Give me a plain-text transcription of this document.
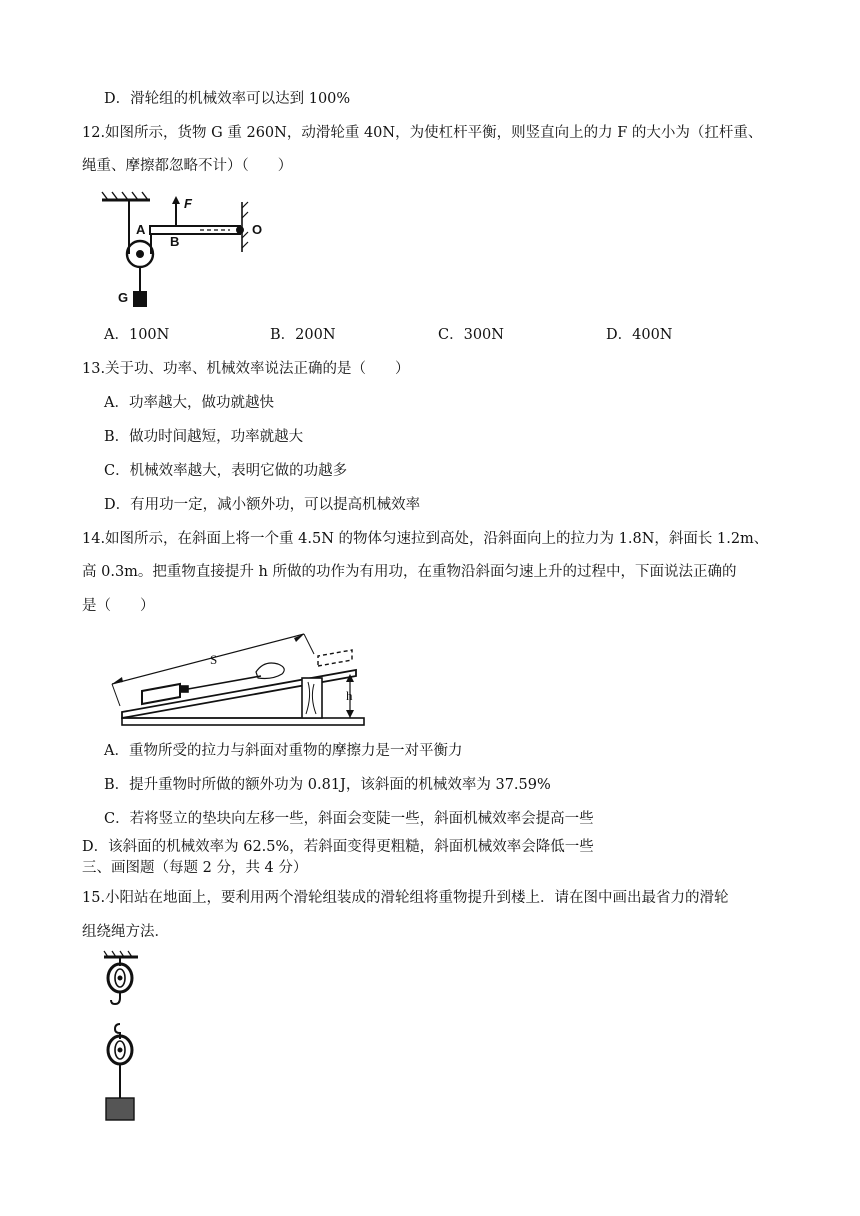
D．滑轮组的机械效率可以达到 100%
12.如图所示，货物 G 重 260N，动滑轮重 40N，为使杠杆平衡，则竖直向上的力 F 的大小为（扛杆重、
绳重、摩擦都忽略不计）（　　）
A
B
F
O
G
A．100N	B．200N	C．300N	D．400N
13.关于功、功率、机械效率说法正确的是（　　）
A．功率越大，做功就越快
B．做功时间越短，功率就越大
C．机械效率越大，表明它做的功越多
D．有用功一定，减小额外功，可以提高机械效率
14.如图所示，在斜面上将一个重 4.5N 的物体匀速拉到高处，沿斜面向上的拉力为 1.8N，斜面长 1.2m、
高 0.3m。把重物直接提升 h 所做的功作为有用功，在重物沿斜面匀速上升的过程中，下面说法正确的
是（　　）
S
h
A．重物所受的拉力与斜面对重物的摩擦力是一对平衡力
B．提升重物时所做的额外功为 0.81J，该斜面的机械效率为 37.59%
C．若将竖立的垫块向左移一些，斜面会变陡一些，斜面机械效率会提高一些
D．该斜面的机械效率为 62.5%，若斜面变得更粗糙，斜面机械效率会降低一些
三、画图题（每题 2 分，共 4 分）
15.小阳站在地面上，要利用两个滑轮组装成的滑轮组将重物提升到楼上．请在图中画出最省力的滑轮
组绕绳方法．
